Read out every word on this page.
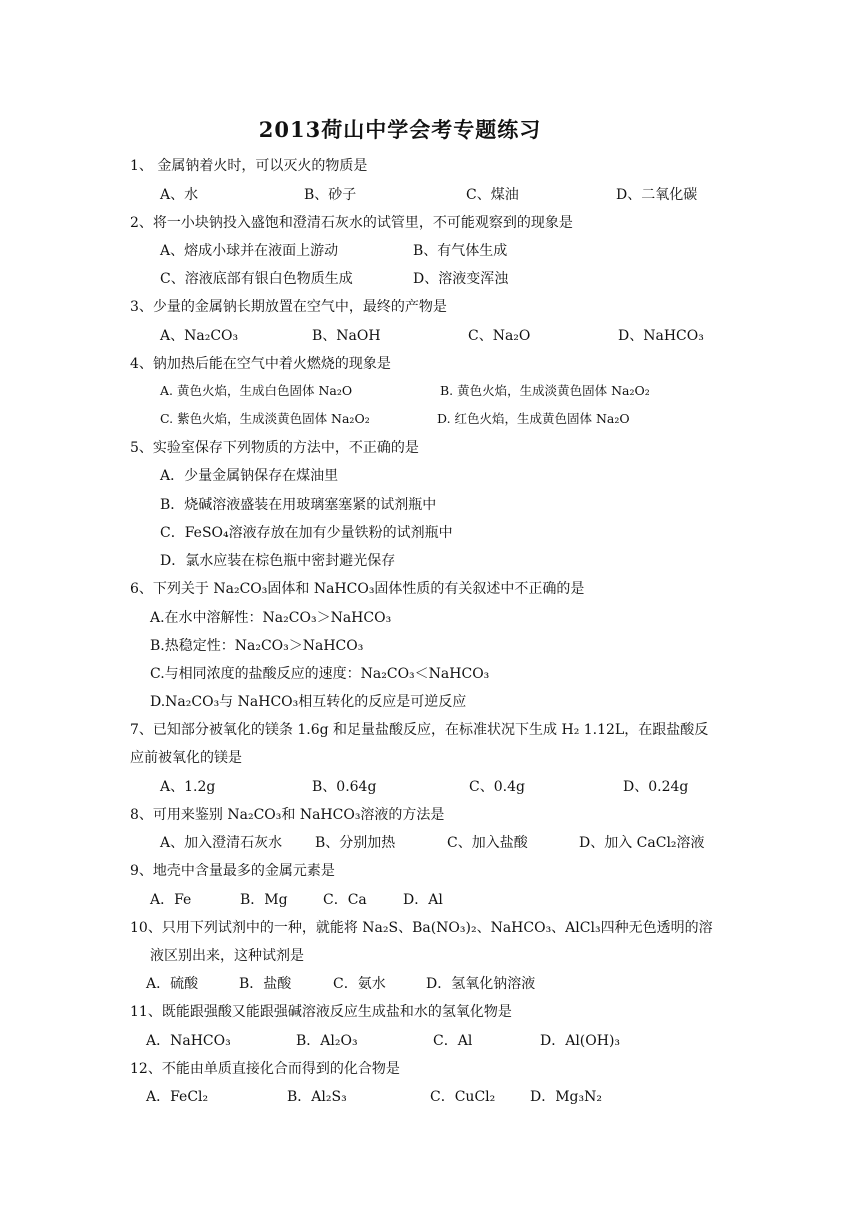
2013荷山中学会考专题练习
1、 金属钠着火时，可以灭火的物质是
A、水	B、砂子	C、煤油	D、二氧化碳
2、将一小块钠投入盛饱和澄清石灰水的试管里，不可能观察到的现象是
A、熔成小球并在液面上游动	B、有气体生成
C、溶液底部有银白色物质生成	D、溶液变浑浊
3、少量的金属钠长期放置在空气中，最终的产物是
A、Na₂CO₃	B、NaOH	C、Na₂O	D、NaHCO₃
4、钠加热后能在空气中着火燃烧的现象是
A. 黄色火焰，生成白色固体 Na₂O	B. 黄色火焰，生成淡黄色固体 Na₂O₂
C. 紫色火焰，生成淡黄色固体 Na₂O₂	D. 红色火焰，生成黄色固体 Na₂O
5、实验室保存下列物质的方法中，不正确的是
A．少量金属钠保存在煤油里
B．烧碱溶液盛装在用玻璃塞塞紧的试剂瓶中
C．FeSO₄溶液存放在加有少量铁粉的试剂瓶中
D．氯水应装在棕色瓶中密封避光保存
6、下列关于 Na₂CO₃固体和 NaHCO₃固体性质的有关叙述中不正确的是
A.在水中溶解性：Na₂CO₃＞NaHCO₃
B.热稳定性：Na₂CO₃＞NaHCO₃
C.与相同浓度的盐酸反应的速度：Na₂CO₃＜NaHCO₃
D.Na₂CO₃与 NaHCO₃相互转化的反应是可逆反应
7、已知部分被氧化的镁条 1.6g 和足量盐酸反应，在标准状况下生成 H₂ 1.12L，在跟盐酸反
应前被氧化的镁是
A、1.2g	B、0.64g	C、0.4g	D、0.24g
8、可用来鉴别 Na₂CO₃和 NaHCO₃溶液的方法是
A、加入澄清石灰水 B、分别加热	C、加入盐酸	D、加入 CaCl₂溶液
9、地壳中含量最多的金属元素是
A．Fe	B．Mg	C．Ca	D．Al
10、只用下列试剂中的一种，就能将 Na₂S、Ba(NO₃)₂、NaHCO₃、AlCl₃四种无色透明的溶
液区别出来，这种试剂是
A．硫酸	B．盐酸	C．氨水	D．氢氧化钠溶液
11、既能跟强酸又能跟强碱溶液反应生成盐和水的氢氧化物是
A．NaHCO₃	B．Al₂O₃	C．Al	D．Al(OH)₃
12、不能由单质直接化合而得到的化合物是
A．FeCl₂	B．Al₂S₃	C．CuCl₂ D．Mg₃N₂
